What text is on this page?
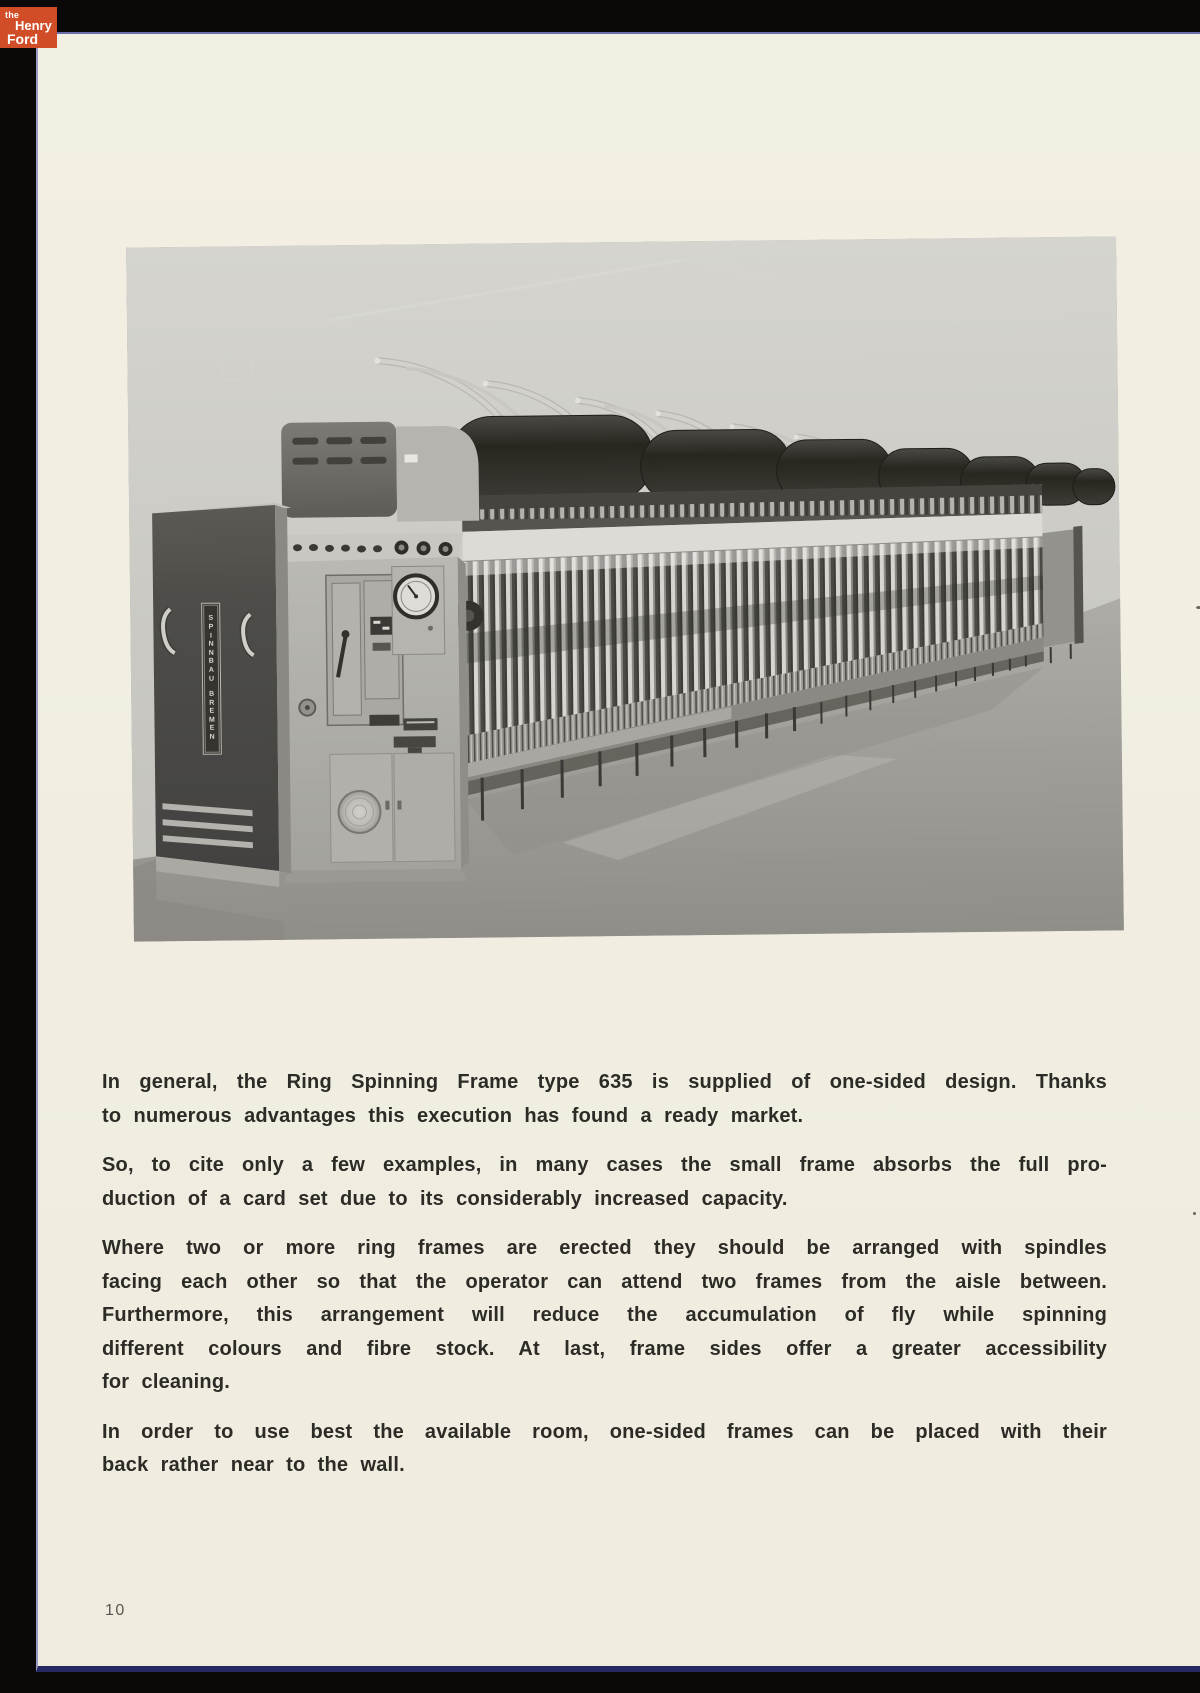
S
P
I
N
N
B
A
U
B
R
E
M
E
N

In general, the Ring Spinning Frame type 635 is supplied of one-sided design. Thanks
to numerous advantages this execution has found a ready market.

So, to cite only a few examples, in many cases the small frame absorbs the full pro-
duction of a card set due to its considerably increased capacity.

Where two or more ring frames are erected they should be arranged with spindles
facing each other so that the operator can attend two frames from the aisle between.
Furthermore, this arrangement will reduce the accumulation of fly while spinning
different colours and fibre stock. At last, frame sides offer a greater accessibility
for cleaning.

In order to use best the available room, one-sided frames can be placed with their
back rather near to the wall.

10
the
Henry
Ford
